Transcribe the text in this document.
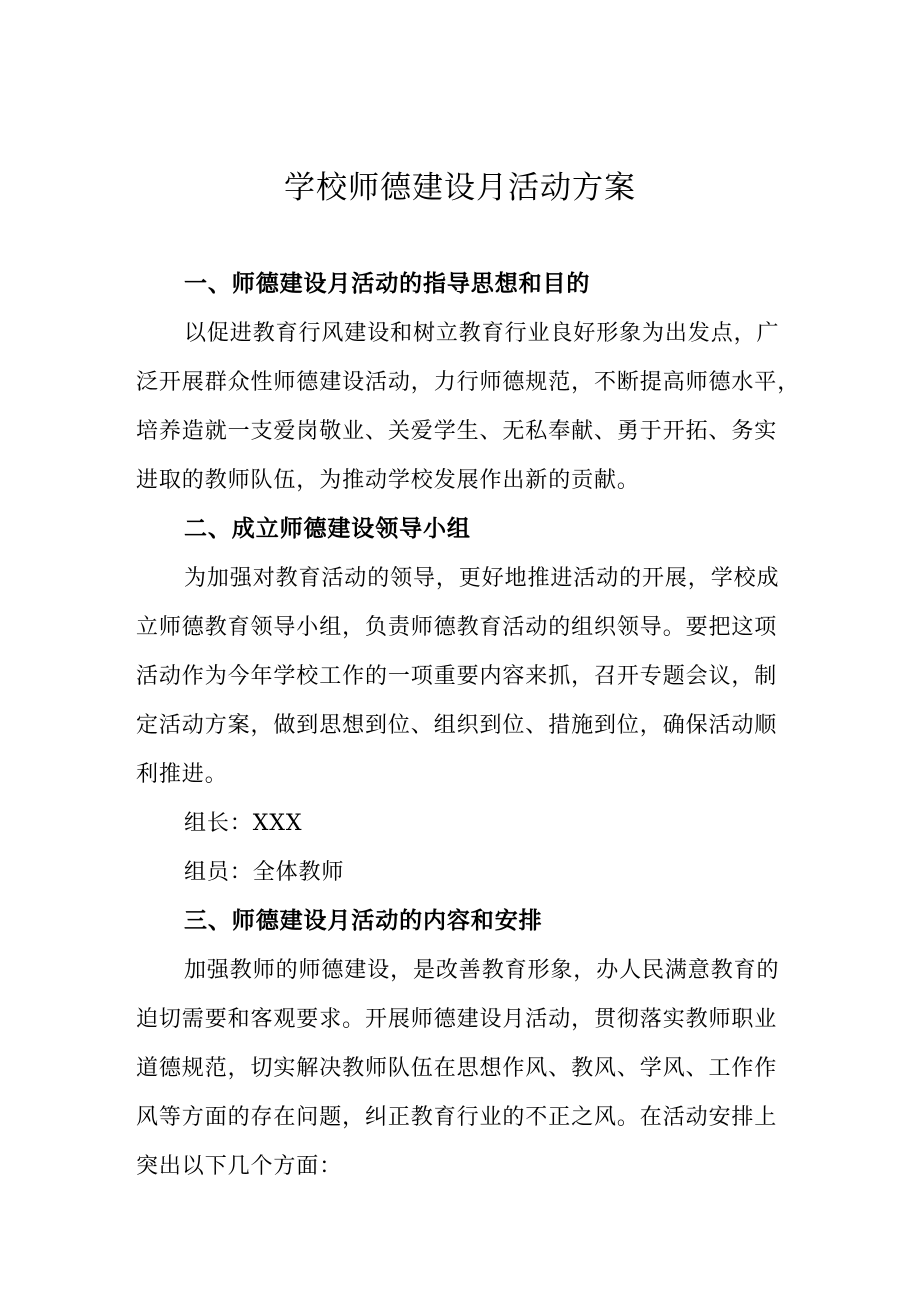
学校师德建设月活动方案
一、师德建设月活动的指导思想和目的
以促进教育行风建设和树立教育行业良好形象为出发点，广
泛开展群众性师德建设活动，力行师德规范，不断提高师德水平，
培养造就一支爱岗敬业、关爱学生、无私奉献、勇于开拓、务实
进取的教师队伍，为推动学校发展作出新的贡献。
二、成立师德建设领导小组
为加强对教育活动的领导，更好地推进活动的开展，学校成
立师德教育领导小组，负责师德教育活动的组织领导。要把这项
活动作为今年学校工作的一项重要内容来抓，召开专题会议，制
定活动方案，做到思想到位、组织到位、措施到位，确保活动顺
利推进。
组长：XXX
组员：全体教师
三、师德建设月活动的内容和安排
加强教师的师德建设，是改善教育形象，办人民满意教育的
迫切需要和客观要求。开展师德建设月活动，贯彻落实教师职业
道德规范，切实解决教师队伍在思想作风、教风、学风、工作作
风等方面的存在问题，纠正教育行业的不正之风。在活动安排上
突出以下几个方面：
